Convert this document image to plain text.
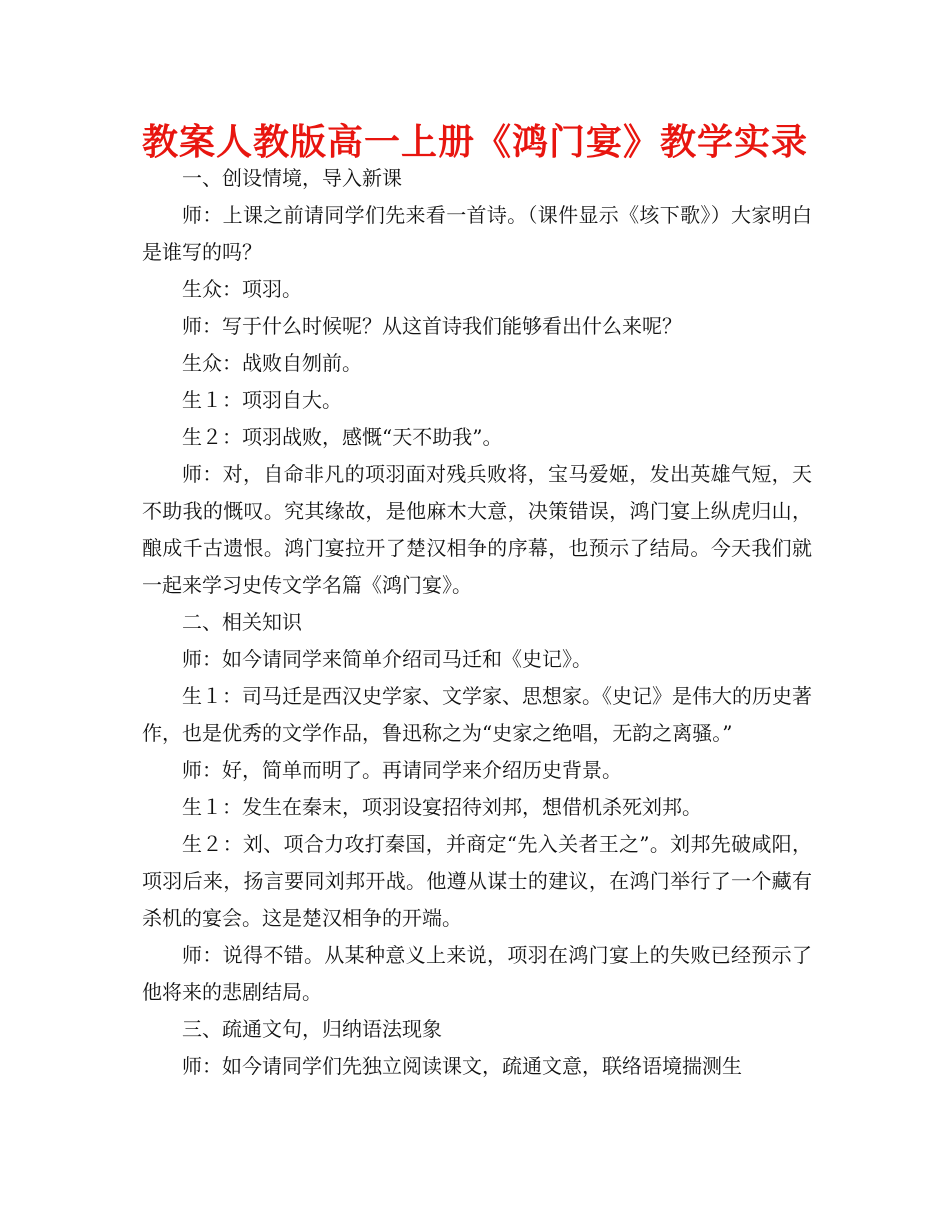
教案人教版高一上册《鸿门宴》教学实录

一、创设情境，导入新课

师：上课之前请同学们先来看一首诗。（课件显示《垓下歌》）大家明白是谁写的吗？

生众：项羽。

师：写于什么时候呢？从这首诗我们能够看出什么来呢？

生众：战败自刎前。

生１：项羽自大。

生２：项羽战败，感慨“天不助我”。

师：对，自命非凡的项羽面对残兵败将，宝马爱姬，发出英雄气短，天不助我的慨叹。究其缘故，是他麻木大意，决策错误，鸿门宴上纵虎归山，酿成千古遗恨。鸿门宴拉开了楚汉相争的序幕，也预示了结局。今天我们就一起来学习史传文学名篇《鸿门宴》。

二、相关知识

师：如今请同学来简单介绍司马迁和《史记》。

生１：司马迁是西汉史学家、文学家、思想家。《史记》是伟大的历史著作，也是优秀的文学作品，鲁迅称之为“史家之绝唱，无韵之离骚。”

师：好，简单而明了。再请同学来介绍历史背景。

生１：发生在秦末，项羽设宴招待刘邦，想借机杀死刘邦。

生２：刘、项合力攻打秦国，并商定“先入关者王之”。刘邦先破咸阳，项羽后来，扬言要同刘邦开战。他遵从谋士的建议，在鸿门举行了一个藏有杀机的宴会。这是楚汉相争的开端。

师：说得不错。从某种意义上来说，项羽在鸿门宴上的失败已经预示了他将来的悲剧结局。

三、疏通文句，归纳语法现象

师：如今请同学们先独立阅读课文，疏通文意，联络语境揣测生
